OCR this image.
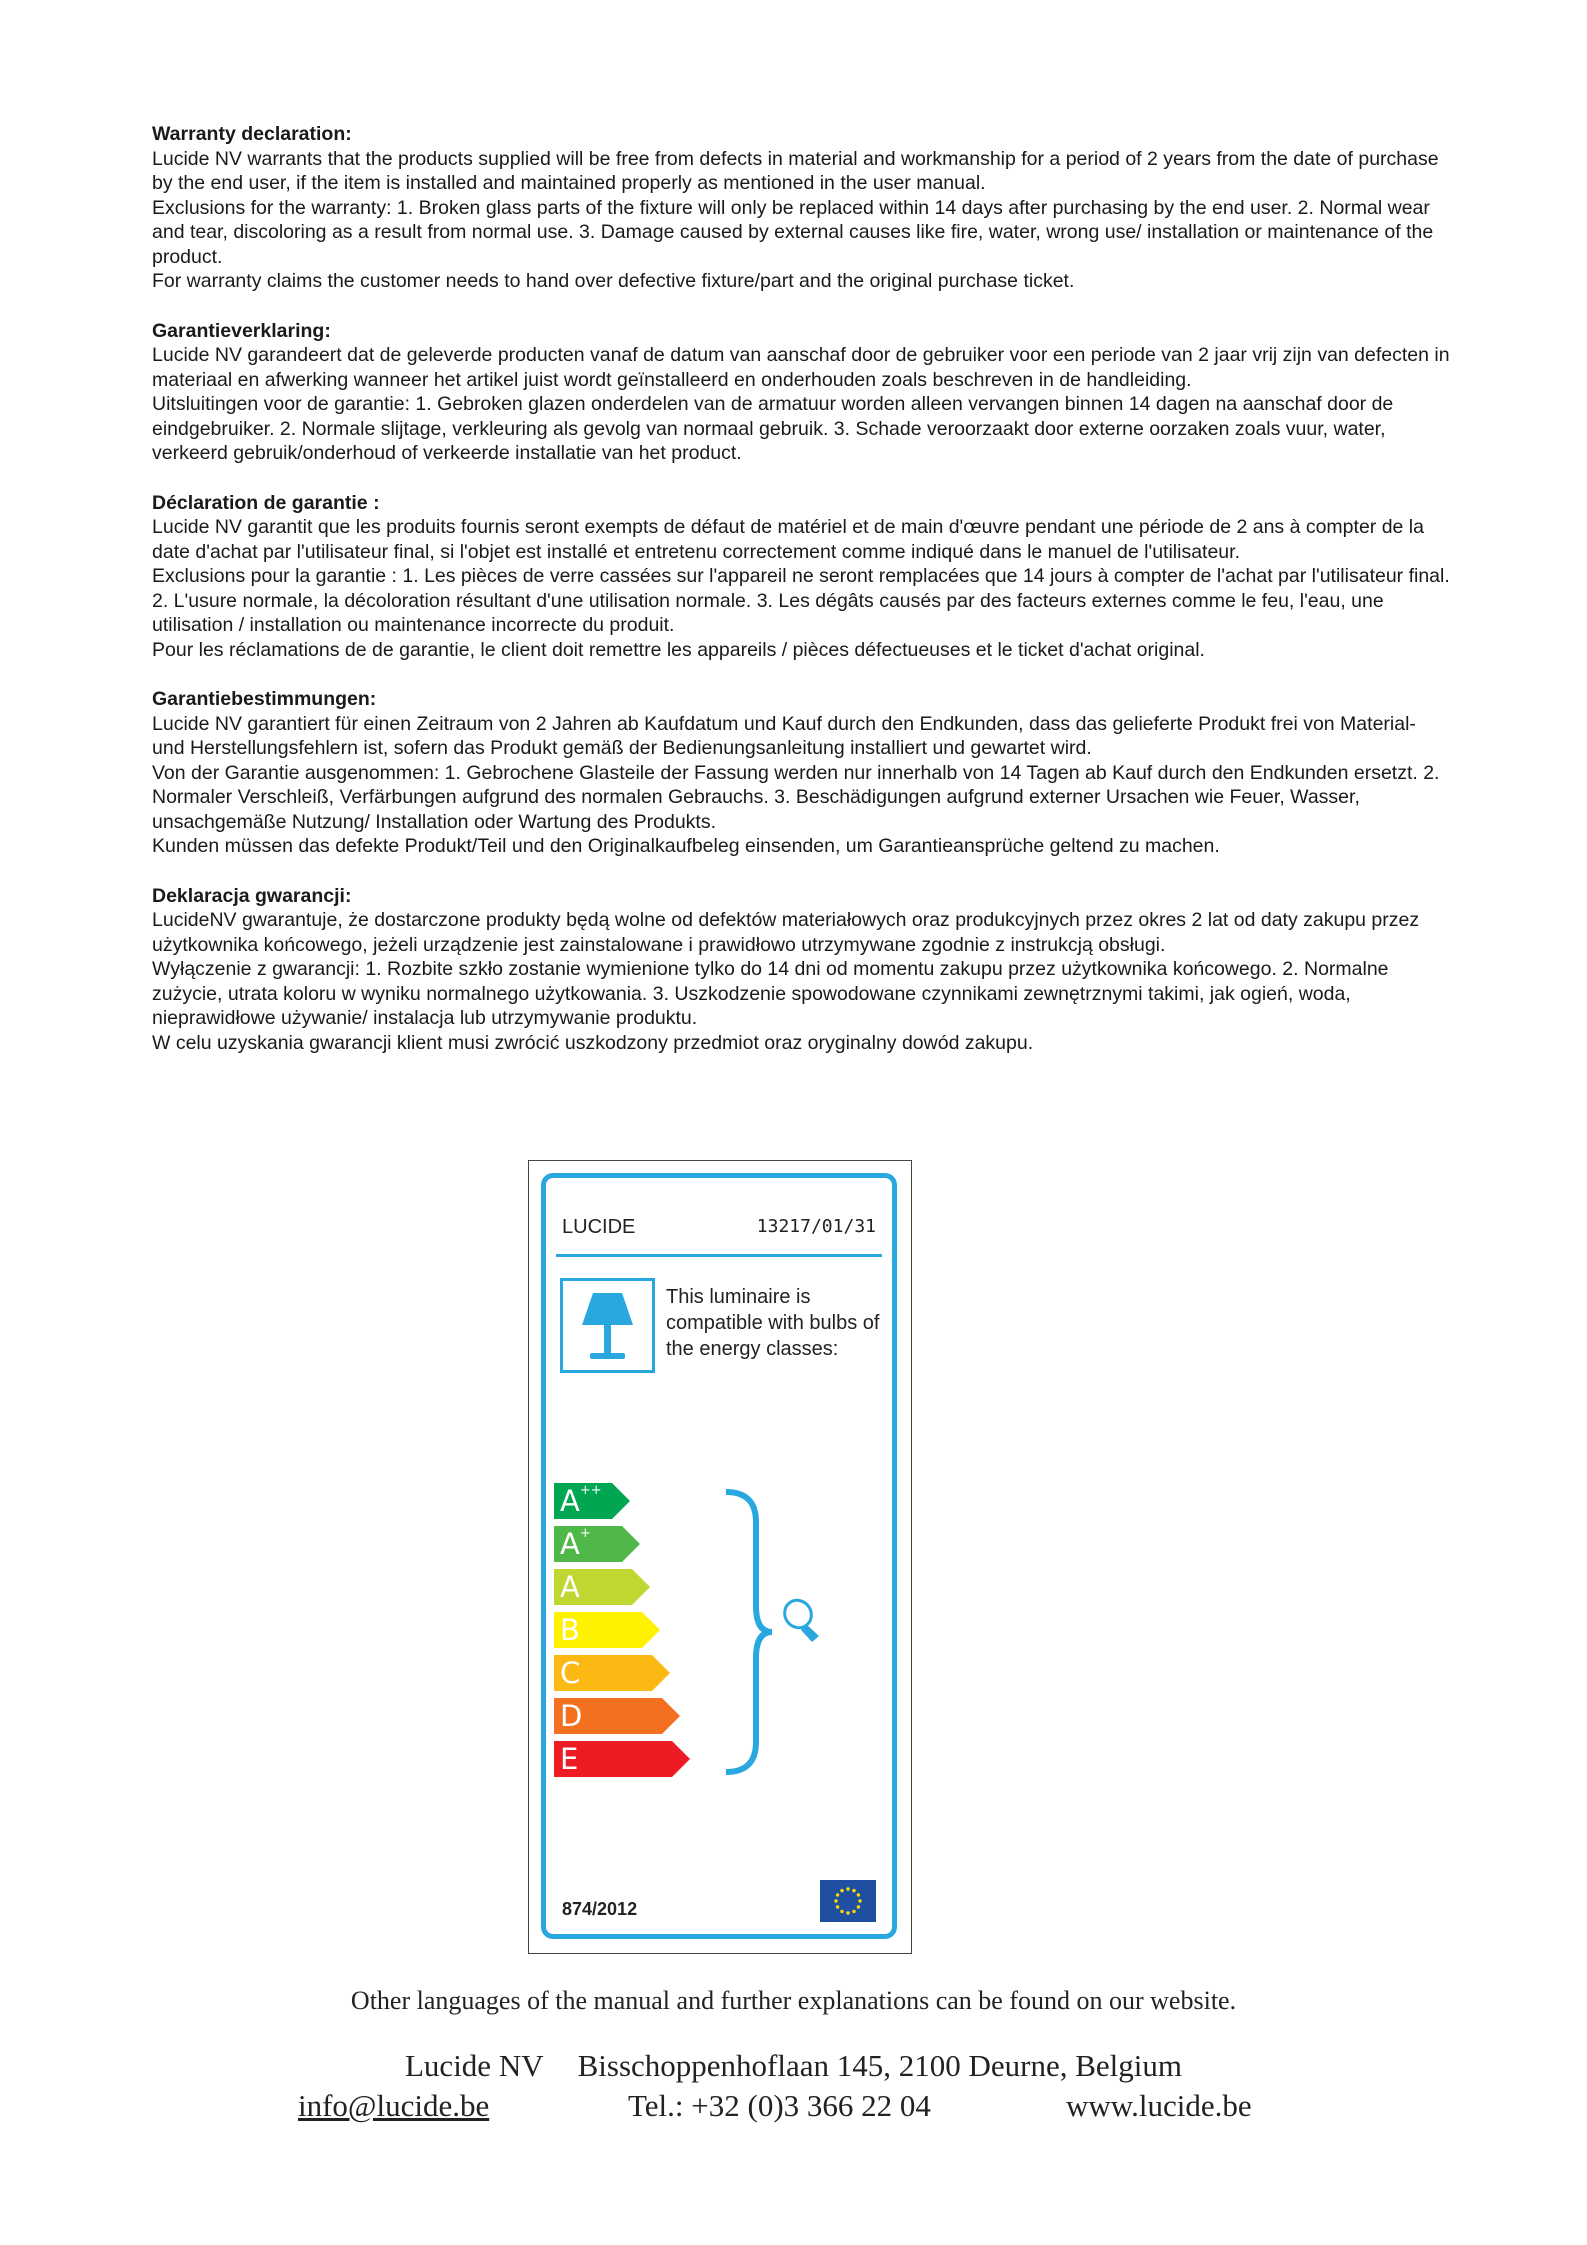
Warranty declaration:

Lucide NV warrants that the products supplied will be free from defects in material and workmanship for a period of 2 years from the date of purchase by the end user, if the item is installed and maintained properly as mentioned in the user manual.

Exclusions for the warranty: 1. Broken glass parts of the fixture will only be replaced within 14 days after purchasing by the end user. 2. Normal wear and tear, discoloring as a result from normal use. 3. Damage caused by external causes like fire, water, wrong use/ installation or maintenance of the product.

For warranty claims the customer needs to hand over defective fixture/part and the original purchase ticket.

Garantieverklaring:

Lucide NV garandeert dat de geleverde producten vanaf de datum van aanschaf door de gebruiker voor een periode van 2 jaar vrij zijn van defecten in materiaal en afwerking wanneer het artikel juist wordt geïnstalleerd en onderhouden zoals beschreven in de handleiding.

Uitsluitingen voor de garantie: 1. Gebroken glazen onderdelen van de armatuur worden alleen vervangen binnen 14 dagen na aanschaf door de eindgebruiker. 2. Normale slijtage, verkleuring als gevolg van normaal gebruik. 3. Schade veroorzaakt door externe oorzaken zoals vuur, water, verkeerd gebruik/onderhoud of verkeerde installatie van het product.

Déclaration de garantie :

Lucide NV garantit que les produits fournis seront exempts de défaut de matériel et de main d'œuvre pendant une période de 2 ans à compter de la date d'achat par l'utilisateur final, si l'objet est installé et entretenu correctement comme indiqué dans le manuel de l'utilisateur.

Exclusions pour la garantie : 1. Les pièces de verre cassées sur l'appareil ne seront remplacées que 14 jours à compter de l'achat par l'utilisateur final. 2. L'usure normale, la décoloration résultant d'une utilisation normale. 3. Les dégâts causés par des facteurs externes comme le feu, l'eau, une utilisation / installation ou maintenance incorrecte du produit.

Pour les réclamations de de garantie, le client doit remettre les appareils / pièces défectueuses et le ticket d'achat original.

Garantiebestimmungen:

Lucide NV garantiert für einen Zeitraum von 2 Jahren ab Kaufdatum und Kauf durch den Endkunden, dass das gelieferte Produkt frei von Material- und Herstellungsfehlern ist, sofern das Produkt gemäß der Bedienungsanleitung installiert und gewartet wird.

Von der Garantie ausgenommen: 1. Gebrochene Glasteile der Fassung werden nur innerhalb von 14 Tagen ab Kauf durch den Endkunden ersetzt. 2. Normaler Verschleiß, Verfärbungen aufgrund des normalen Gebrauchs. 3. Beschädigungen aufgrund externer Ursachen wie Feuer, Wasser, unsachgemäße Nutzung/ Installation oder Wartung des Produkts.

Kunden müssen das defekte Produkt/Teil und den Originalkaufbeleg einsenden, um Garantieansprüche geltend zu machen.

Deklaracja gwarancji:

LucideNV gwarantuje, że dostarczone produkty będą wolne od defektów materiałowych oraz produkcyjnych przez okres 2 lat od daty zakupu przez użytkownika końcowego, jeżeli urządzenie jest zainstalowane i prawidłowo utrzymywane zgodnie z instrukcją obsługi.

Wyłączenie z gwarancji: 1. Rozbite szkło zostanie wymienione tylko do 14 dni od momentu zakupu przez użytkownika końcowego. 2. Normalne zużycie, utrata koloru w wyniku normalnego użytkowania. 3. Uszkodzenie spowodowane czynnikami zewnętrznymi takimi, jak ogień, woda, nieprawidłowe używanie/ instalacja lub utrzymywanie produktu.

W celu uzyskania gwarancji klient musi zwrócić uszkodzony przedmiot oraz oryginalny dowód zakupu.

LUCIDE	13217/01/31
This luminaire is compatible with bulbs of the energy classes:
A++
A+
A
B
C
D
E
874/2012
Other languages of the manual and further explanations can be found on our website.
Lucide NV Bisschoppenhoflaan 145, 2100 Deurne, Belgium
info@lucide.be	Tel.: +32 (0)3 366 22 04	www.lucide.be
